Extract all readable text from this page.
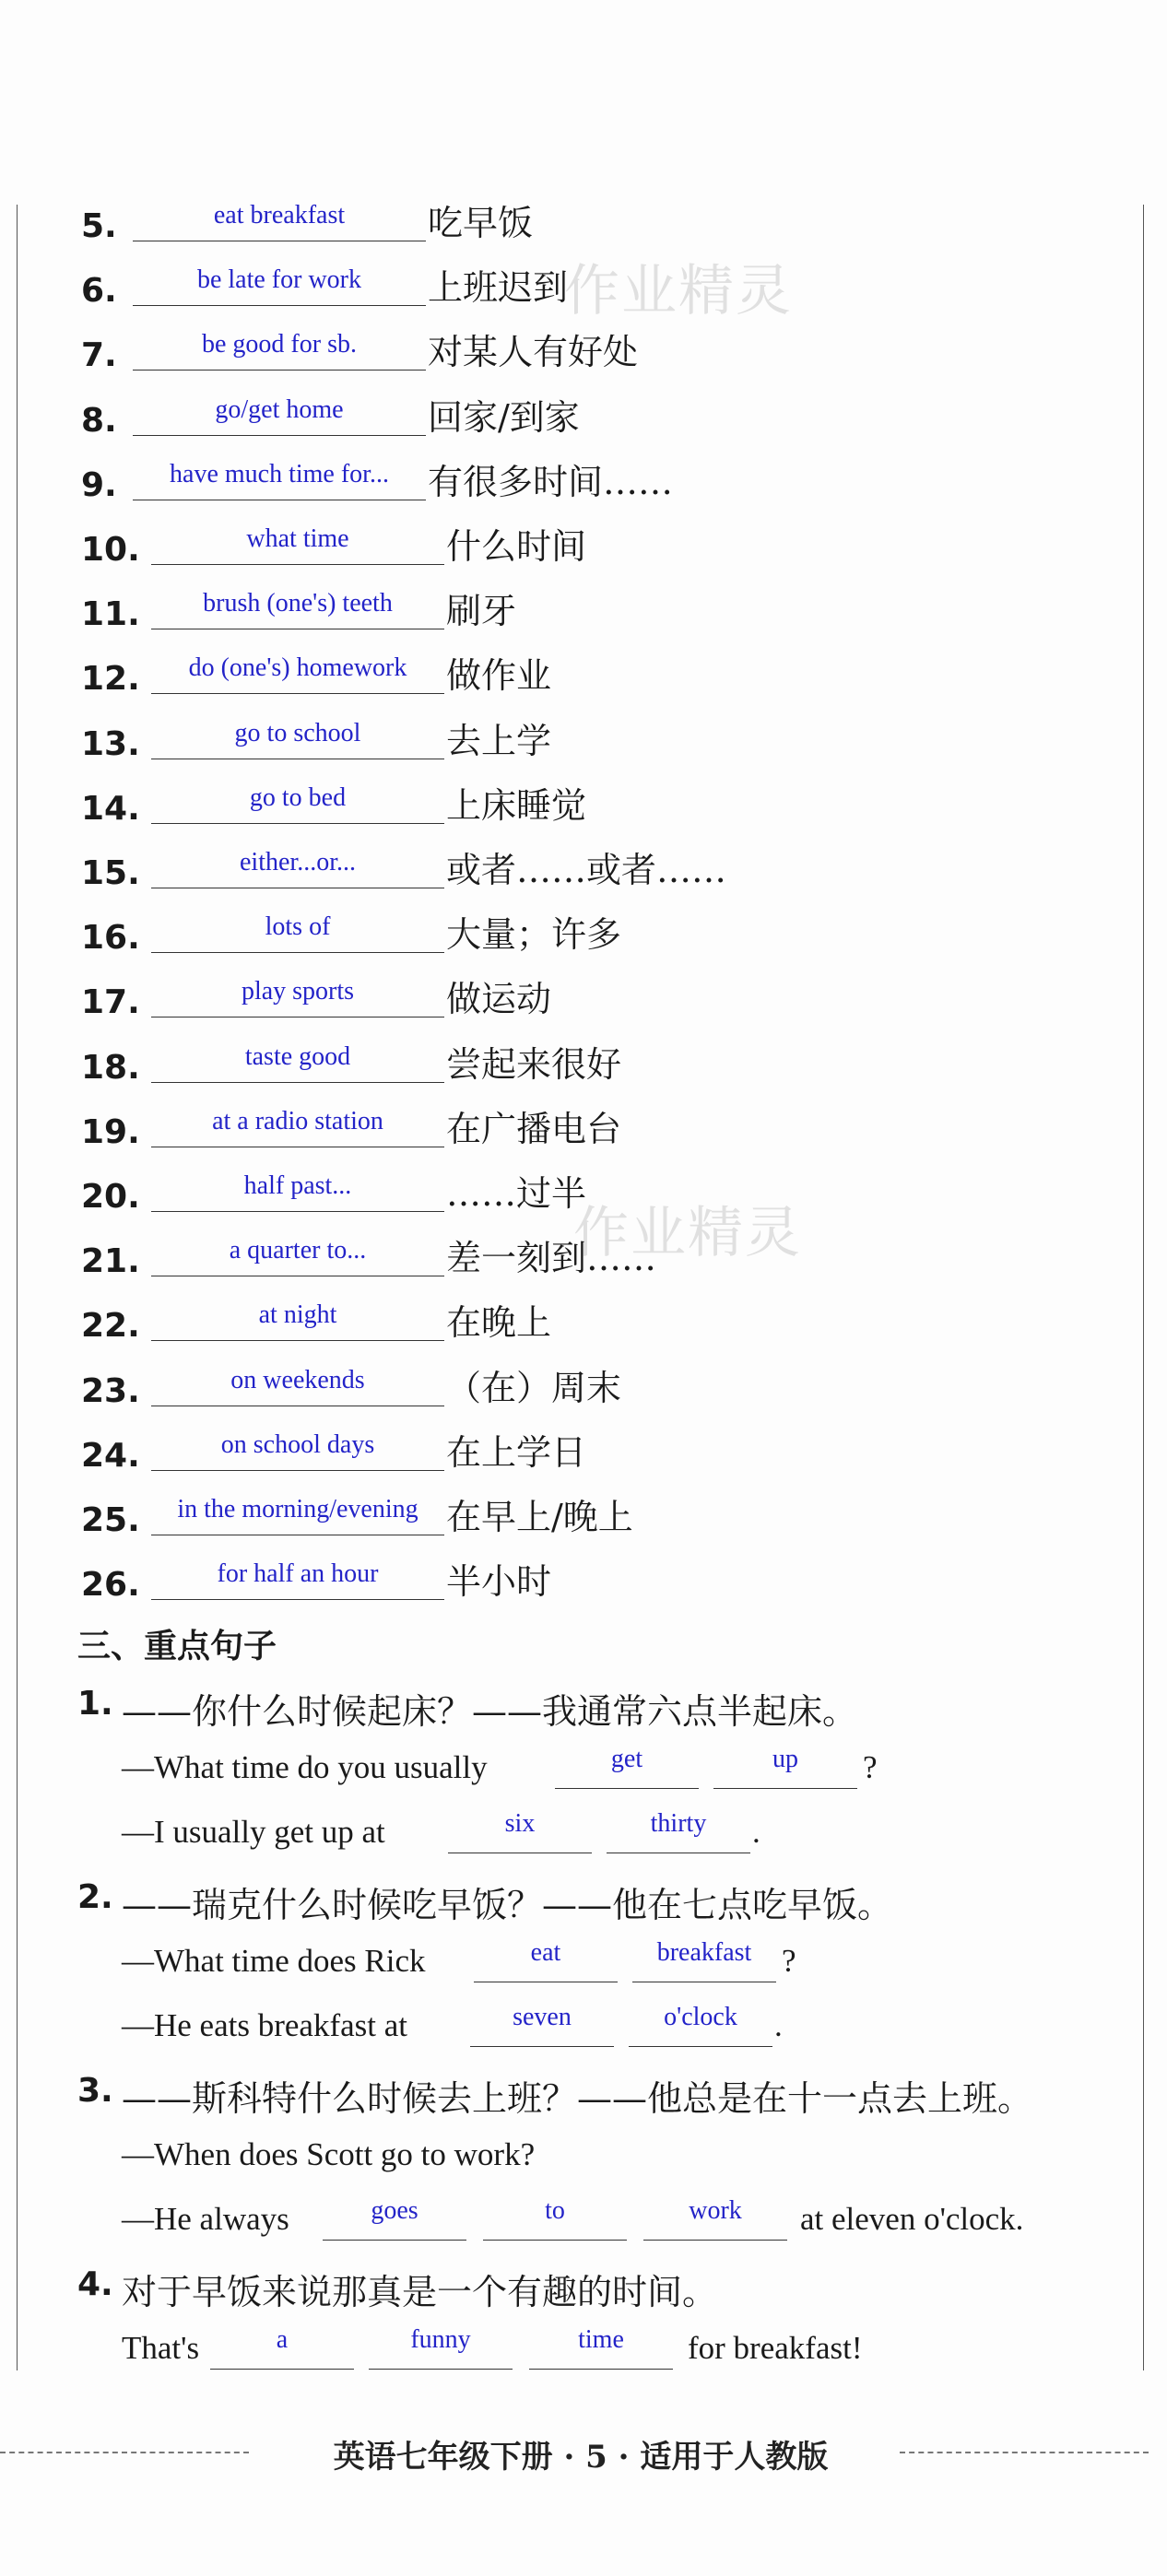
5.	eat breakfast	吃早饭
6.	be late for work	上班迟到
7.	be good for sb.	对某人有好处
8.	go/get home	回家/到家
9.	have much time for...	有很多时间……
10.	what time	什么时间
11.	brush (one's) teeth	刷牙
12.	do (one's) homework	做作业
13.	go to school	去上学
14.	go to bed	上床睡觉
15.	either...or...	或者……或者……
16.	lots of	大量；许多
17.	play sports	做运动
18.	taste good	尝起来很好
19.	at a radio station	在广播电台
20.	half past...	……过半
21.	a quarter to...	差一刻到……
22.	at night	在晚上
23.	on weekends	（在）周末
24.	on school days	在上学日
25.	in the morning/evening 在早上/晚上
26.	for half an hour	半小时
作业精灵
作业精灵
三、重点句子
1. ——你什么时候起床？——我通常六点半起床。
—What time do you usually	get	up	?
—I usually get up at	six	thirty	.
2. ——瑞克什么时候吃早饭？——他在七点吃早饭。
—What time does Rick	eat	breakfast ?
—He eats breakfast at	seven	o'clock	.
3. ——斯科特什么时候去上班？——他总是在十一点去上班。
—When does Scott go to work?
—He always	goes	to	work	at eleven o'clock.
4. 对于早饭来说那真是一个有趣的时间。
That's	a	funny	time	for breakfast!
英语七年级下册 · 5 · 适用于人教版
